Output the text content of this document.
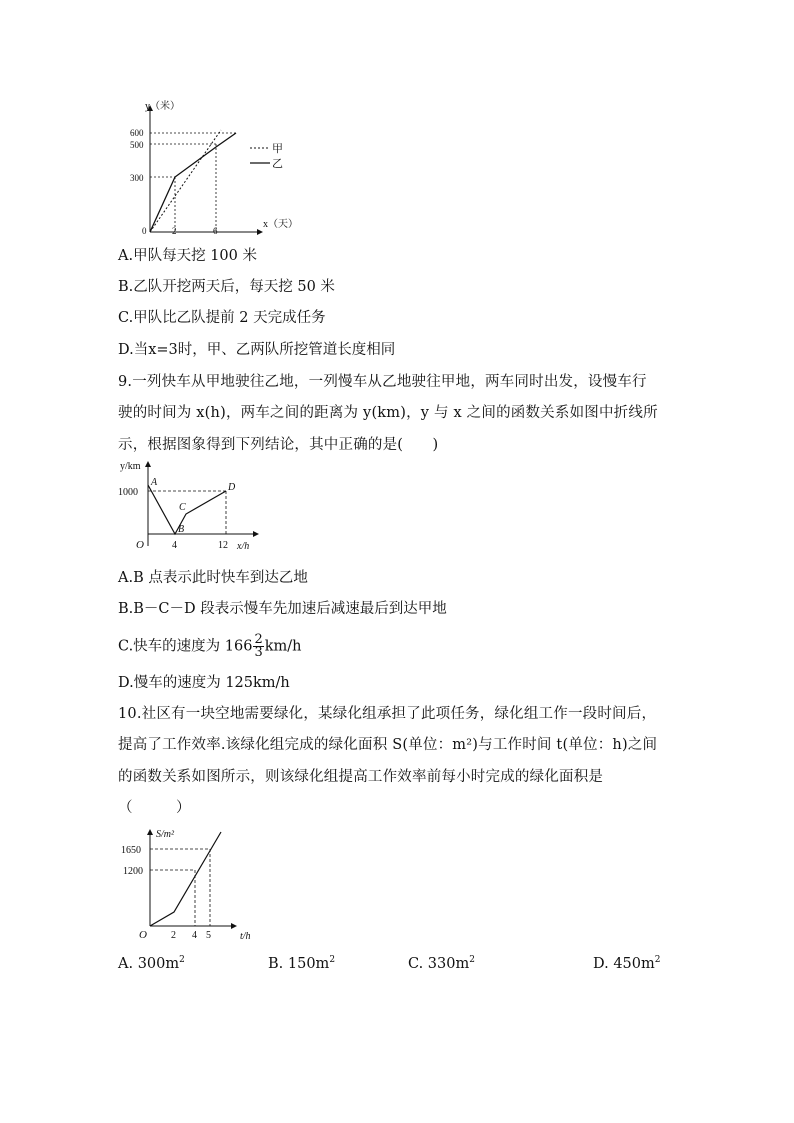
y（米）
x（天）
0
600
500
300
2	6
甲
乙
A.甲队每天挖 100 米
B.乙队开挖两天后，每天挖 50 米
C.甲队比乙队提前 2 天完成任务
D.当x=3时，甲、乙两队所挖管道长度相同
9.一列快车从甲地驶往乙地，一列慢车从乙地驶往甲地，两车同时出发，设慢车行
驶的时间为 x(h)，两车之间的距离为 y(km)，y 与 x 之间的函数关系如图中折线所
示，根据图象得到下列结论，其中正确的是(　　)
y/km
x/h
O
1000
4	12
A
B
C
D
A.B 点表示此时快车到达乙地
B.B－C－D 段表示慢车先加速后减速最后到达甲地
C.快车的速度为 $166 \frac{2}{3} km/h$
D.慢车的速度为 125km/h
10.社区有一块空地需要绿化，某绿化组承担了此项任务，绿化组工作一段时间后，
提高了工作效率.该绿化组完成的绿化面积 S(单位：m²)与工作时间 t(单位：h)之间
的函数关系如图所示，则该绿化组提高工作效率前每小时完成的绿化面积是
（　　　）
S/m²
t/h
O
1650
1200
2 4 5
A. $300m^2$	B. $150m^2$	C. $330m^2$	D. $450m^2$
